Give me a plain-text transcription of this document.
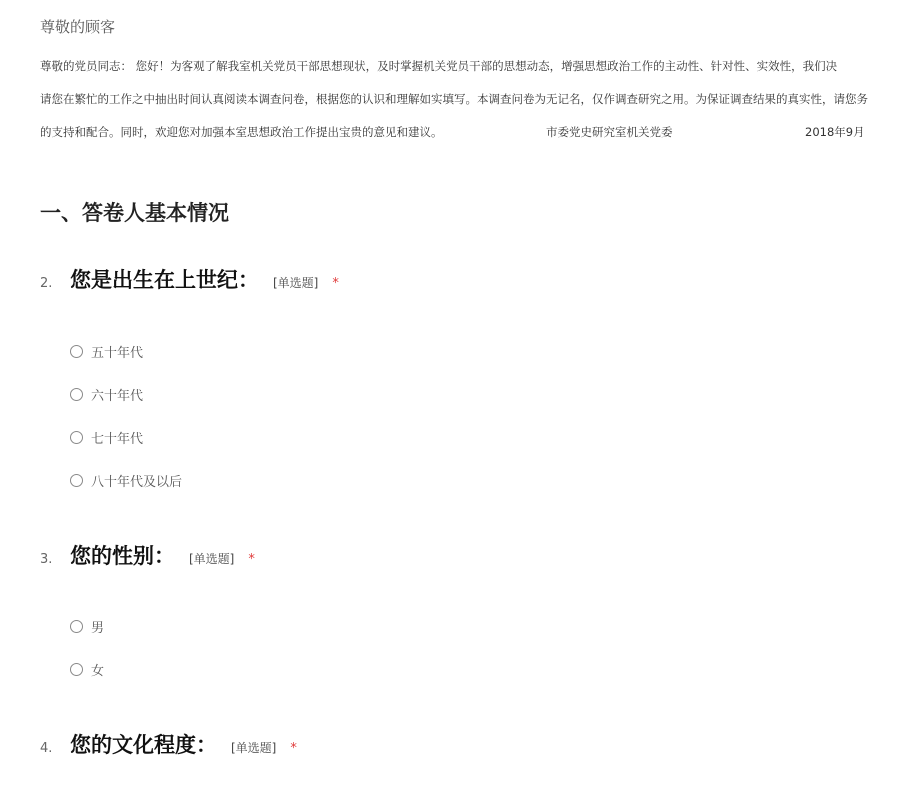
尊敬的顾客
尊敬的党员同志： 您好！为客观了解我室机关党员干部思想现状，及时掌握机关党员干部的思想动态，增强思想政治工作的主动性、针对性、实效性，我们决
请您在繁忙的工作之中抽出时间认真阅读本调查问卷，根据您的认识和理解如实填写。本调查问卷为无记名，仅作调查研究之用。为保证调查结果的真实性，请您务
的支持和配合。同时，欢迎您对加强本室思想政治工作提出宝贵的意见和建议。	市委党史研究室机关党委	2018年9月
一、答卷人基本情况
2. 您是出生在上世纪： [单选题] *
五十年代
六十年代
七十年代
八十年代及以后
3. 您的性别： [单选题] *
男
女
4. 您的文化程度： [单选题] *
